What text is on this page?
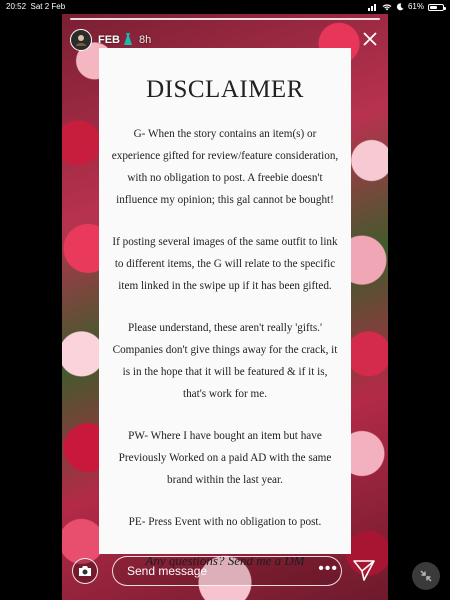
20:52 Sat 2 Feb	61%
FEB 8h
DISCLAIMER

G- When the story contains an item(s) or

experience gifted for review/feature consideration,

with no obligation to post. A freebie doesn't

influence my opinion; this gal cannot be bought!

If posting several images of the same outfit to link

to different items, the G will relate to the specific

item linked in the swipe up if it has been gifted.

Please understand, these aren't really 'gifts.'

Companies don't give things away for the crack, it

is in the hope that it will be featured & if it is,

that's work for me.

PW- Where I have bought an item but have

Previously Worked on a paid AD with the same

brand within the last year.

PE- Press Event with no obligation to post.

Any questions? Send me a DM

Send message	•••
